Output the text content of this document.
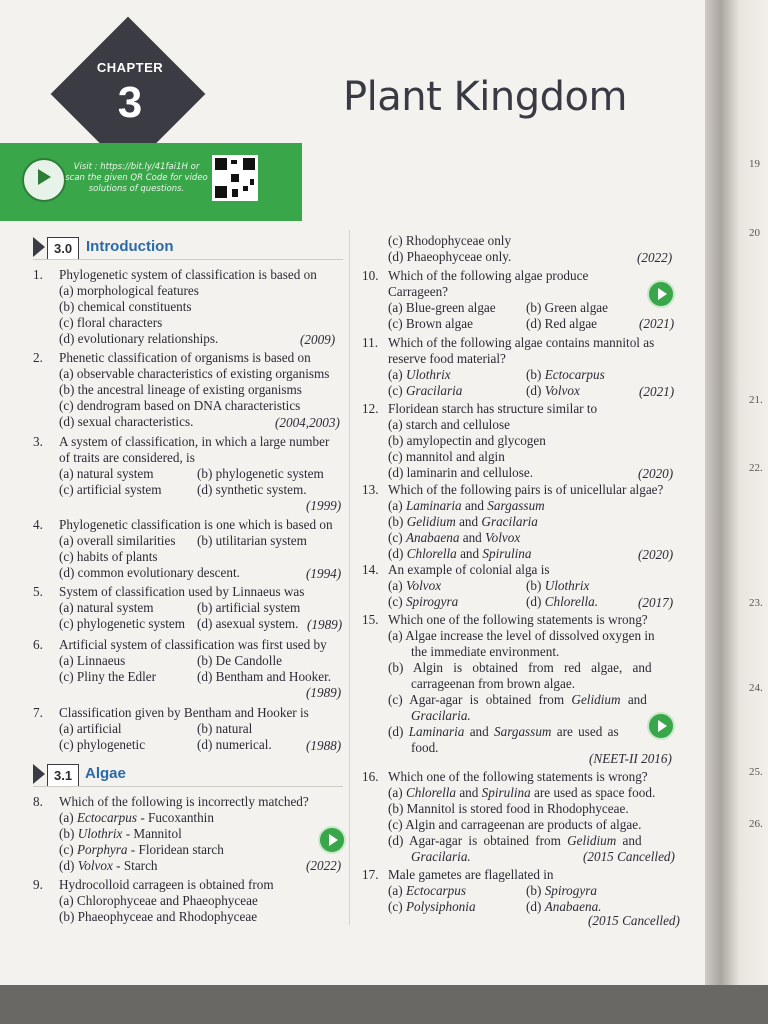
CHAPTER
3	Plant Kingdom
Visit : https://bit.ly/41fai1H or scan the given QR Code for video solutions of questions.
3.0 Introduction
1. Phylogenetic system of classification is based on
(a) morphological features
(b) chemical constituents
(c) floral characters
(d) evolutionary relationships.	(2009)
2. Phenetic classification of organisms is based on
(a) observable characteristics of existing organisms
(b) the ancestral lineage of existing organisms
(c) dendrogram based on DNA characteristics
(d) sexual characteristics.	(2004,2003)
3. A system of classification, in which a large number
of traits are considered, is
(a) natural system	(b) phylogenetic system
(c) artificial system	(d) synthetic system.
(1999)
4. Phylogenetic classification is one which is based on
(a) overall similarities (b) utilitarian system
(c) habits of plants
(d) common evolutionary descent.	(1994)
5. System of classification used by Linnaeus was
(a) natural system	(b) artificial system
(c) phylogenetic system (d) asexual system. (1989)
6. Artificial system of classification was first used by
(a) Linnaeus	(b) De Candolle
(c) Pliny the Edler	(d) Bentham and Hooker.
(1989)
7. Classification given by Bentham and Hooker is
(a) artificial	(b) natural
(c) phylogenetic	(d) numerical.	(1988)
3.1 Algae
8. Which of the following is incorrectly matched?
(a) Ectocarpus - Fucoxanthin
(b) Ulothrix - Mannitol
(c) Porphyra - Floridean starch
(d) Volvox - Starch	(2022)
9. Hydrocolloid carrageen is obtained from
(a) Chlorophyceae and Phaeophyceae
(b) Phaeophyceae and Rhodophyceae
(c) Rhodophyceae only
(d) Phaeophyceae only.	(2022)
10. Which of the following algae produce
Carrageen?
(a) Blue-green algae (b) Green algae
(c) Brown algae	(d) Red algae	(2021)
11. Which of the following algae contains mannitol as
reserve food material?
(a) Ulothrix	(b) Ectocarpus
(c) Gracilaria	(d) Volvox	(2021)
12. Floridean starch has structure similar to
(a) starch and cellulose
(b) amylopectin and glycogen
(c) mannitol and algin
(d) laminarin and cellulose.	(2020)
13. Which of the following pairs is of unicellular algae?
(a) Laminaria and Sargassum
(b) Gelidium and Gracilaria
(c) Anabaena and Volvox
(d) Chlorella and Spirulina	(2020)
14. An example of colonial alga is
(a) Volvox	(b) Ulothrix
(c) Spirogyra	(d) Chlorella.	(2017)
15. Which one of the following statements is wrong?
(a) Algae increase the level of dissolved oxygen in
the immediate environment.
(b) Algin is obtained from red algae, and
carrageenan from brown algae.
(c) Agar-agar is obtained from Gelidium and
Gracilaria.
(d) Laminaria and Sargassum are used as
food.
(NEET-II 2016)
16. Which one of the following statements is wrong?
(a) Chlorella and Spirulina are used as space food.
(b) Mannitol is stored food in Rhodophyceae.
(c) Algin and carrageenan are products of algae.
(d) Agar-agar is obtained from Gelidium and
Gracilaria.	(2015 Cancelled)
17. Male gametes are flagellated in
(a) Ectocarpus	(b) Spirogyra
(c) Polysiphonia	(d) Anabaena.
(2015 Cancelled)
19
20
21.
22.
23.
24.
25.
26.
